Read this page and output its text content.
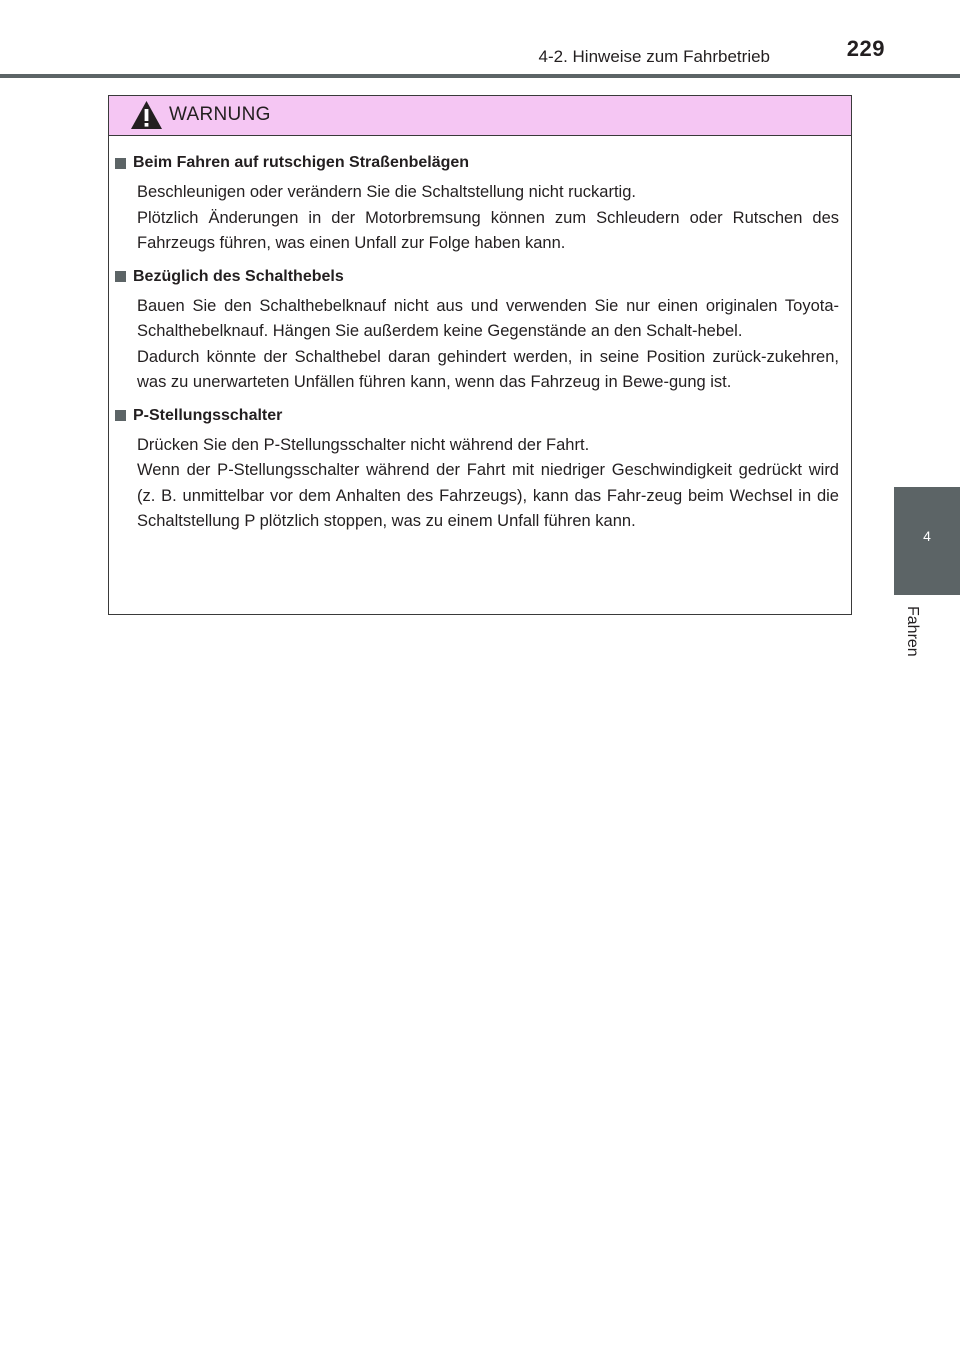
4-2. Hinweise zum Fahrbetrieb	229
4
Fahren
WARNUNG
Beim Fahren auf rutschigen Straßenbelägen

Beschleunigen oder verändern Sie die Schaltstellung nicht ruckartig.

Plötzlich Änderungen in der Motorbremsung können zum Schleudern oder Rutschen des Fahrzeugs führen, was einen Unfall zur Folge haben kann.

Bezüglich des Schalthebels

Bauen Sie den Schalthebelknauf nicht aus und verwenden Sie nur einen originalen Toyota-Schalthebelknauf. Hängen Sie außerdem keine Gegenstände an den Schalt-hebel.

Dadurch könnte der Schalthebel daran gehindert werden, in seine Position zurück-zukehren, was zu unerwarteten Unfällen führen kann, wenn das Fahrzeug in Bewe-gung ist.

P-Stellungsschalter

Drücken Sie den P-Stellungsschalter nicht während der Fahrt.

Wenn der P-Stellungsschalter während der Fahrt mit niedriger Geschwindigkeit gedrückt wird (z. B. unmittelbar vor dem Anhalten des Fahrzeugs), kann das Fahr-zeug beim Wechsel in die Schaltstellung P plötzlich stoppen, was zu einem Unfall führen kann.
